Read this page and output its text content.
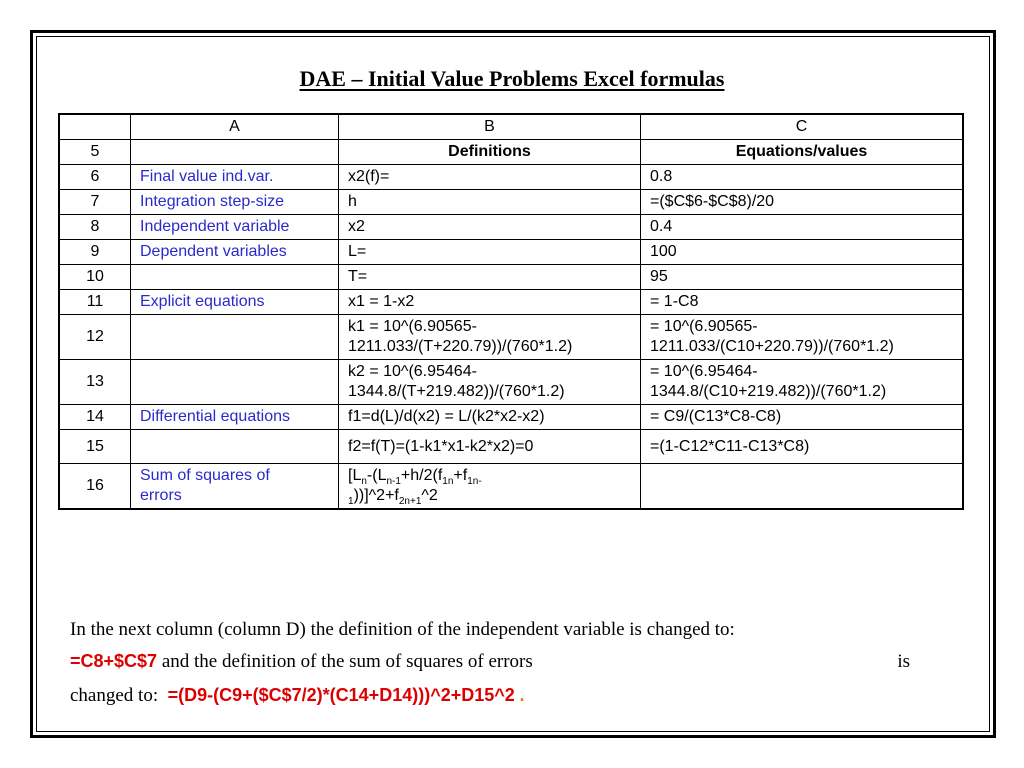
DAE – Initial Value Problems Excel formulas
	A	B	C
5		Definitions	Equations/values
6	Final value ind.var.	x2(f)=	0.8
7	Integration step-size	h	=($C$6-$C$8)/20
8	Independent variable	x2	0.4
9	Dependent variables	L=	100
10		T=	95
11	Explicit equations	x1 = 1-x2	= 1-C8
12		k1 = 10^(6.90565-
1211.033/(T+220.79))/(760*1.2)	= 10^(6.90565-
1211.033/(C10+220.79))/(760*1.2)
13		k2 = 10^(6.95464-
1344.8/(T+219.482))/(760*1.2)	= 10^(6.95464-
1344.8/(C10+219.482))/(760*1.2)
14	Differential equations	f1=d(L)/d(x2) = L/(k2*x2-x2)	= C9/(C13*C8-C8)
15		f2=f(T)=(1-k1*x1-k2*x2)=0	=(1-C12*C11-C13*C8)
16	Sum of squares of
errors	[$L_n-(L_{n-1}+h/2(f_{1n}+f_{1n-}$
$_1))]\^{}2+f_{2n+1}\^{}2$	
In the next column (column D) the definition of the independent variable is changed to:
=C8+$C$7 and the definition of the sum of squares of errors	is
changed to: =(D9-(C9+($C$7/2)*(C14+D14)))^2+D15^2 .
